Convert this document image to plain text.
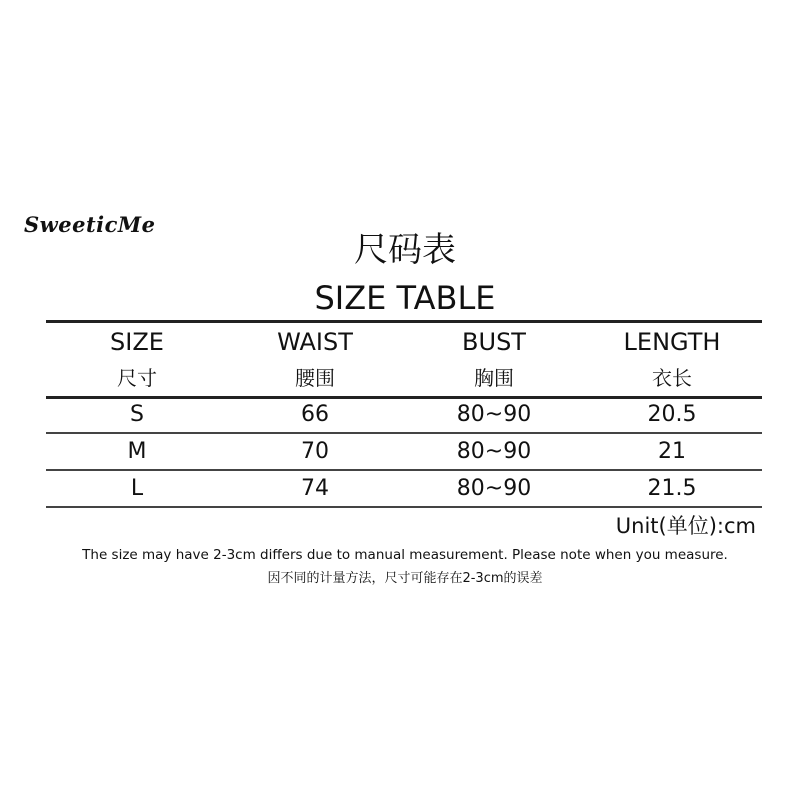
SweeticMe
尺码表
SIZE TABLE
SIZE	WAIST	BUST	LENGTH
尺寸	腰围	胸围	衣长
S	66	80~90	20.5
M	70	80~90	21
L	74	80~90	21.5
Unit(单位):cm
The size may have 2-3cm differs due to manual measurement. Please note when you measure.
因不同的计量方法，尺寸可能存在2-3cm的误差
